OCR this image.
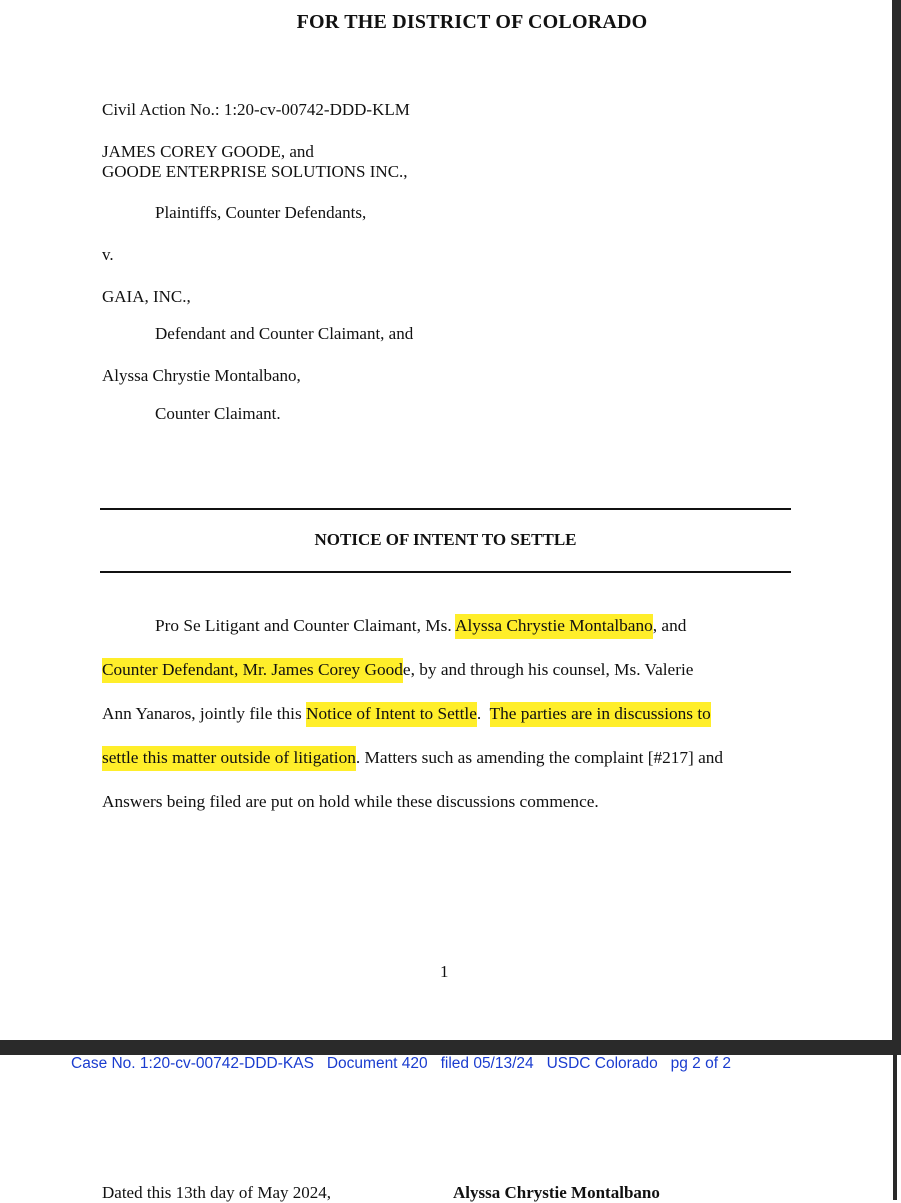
FOR THE DISTRICT OF COLORADO
Civil Action No.: 1:20-cv-00742-DDD-KLM
JAMES COREY GOODE, and
GOODE ENTERPRISE SOLUTIONS INC.,
Plaintiffs, Counter Defendants,
v.
GAIA, INC.,
Defendant and Counter Claimant, and
Alyssa Chrystie Montalbano,
Counter Claimant.
NOTICE OF INTENT TO SETTLE
Pro Se Litigant and Counter Claimant, Ms. Alyssa Chrystie Montalbano, and
Counter Defendant, Mr. James Corey Goode, by and through his counsel, Ms. Valerie
Ann Yanaros, jointly file this Notice of Intent to Settle.  The parties are in discussions to
settle this matter outside of litigation. Matters such as amending the complaint [#217] and
Answers being filed are put on hold while these discussions commence.
1
Case No. 1:20-cv-00742-DDD-KAS   Document 420   filed 05/13/24   USDC Colorado   pg 2 of 2
Dated this 13th day of May 2024,	Alyssa Chrystie Montalbano
